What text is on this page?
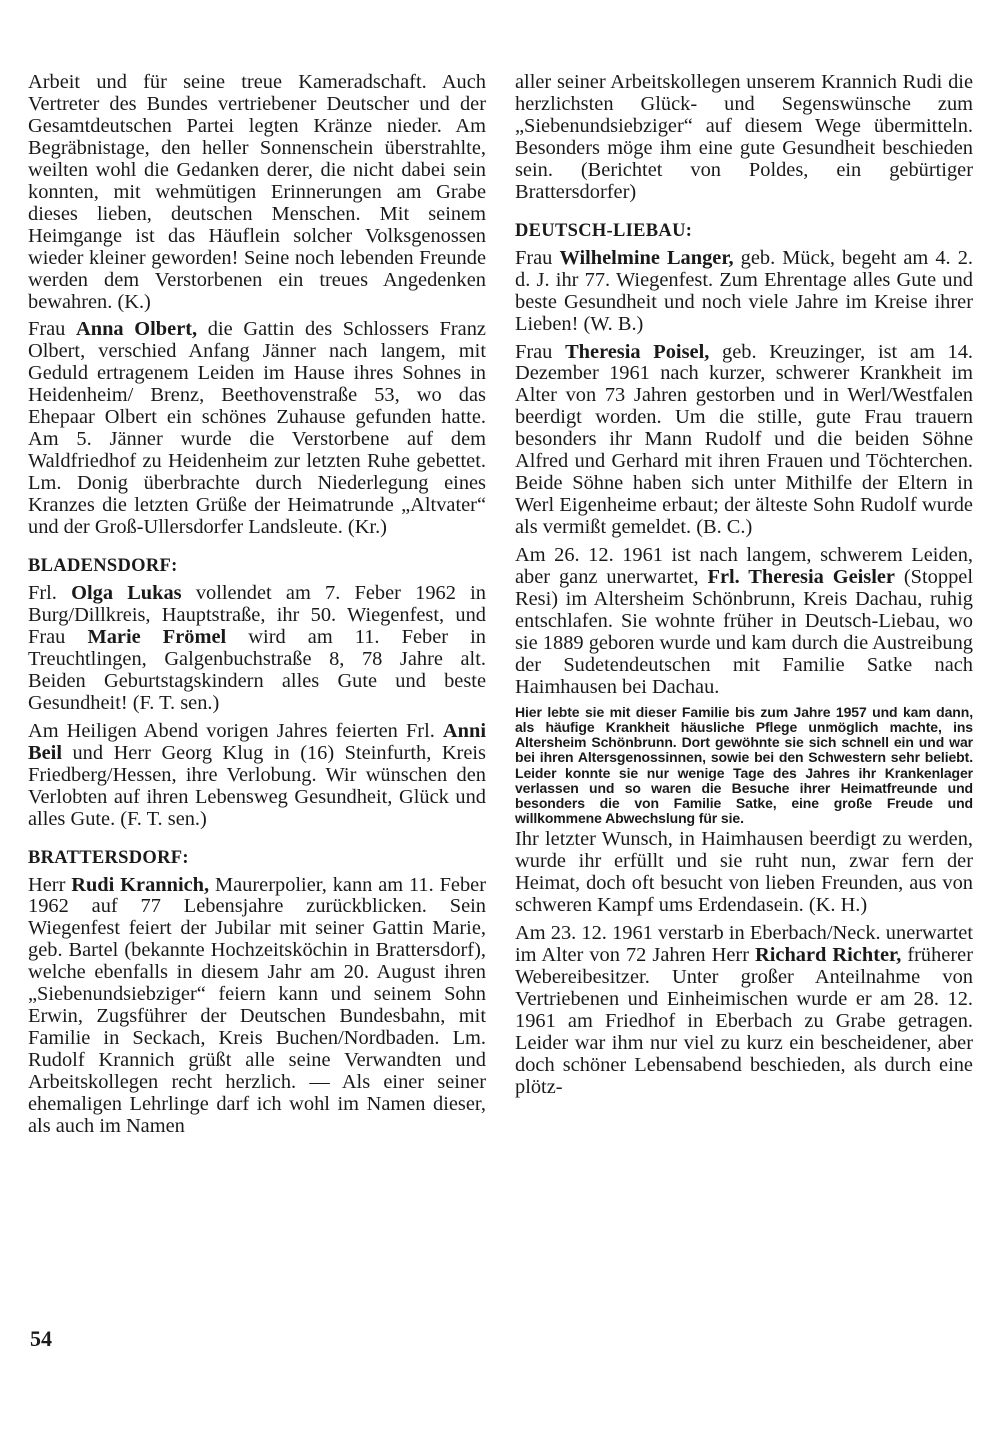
Arbeit und für seine treue Kameradschaft. Auch Vertreter des Bundes vertriebener Deutscher und der Gesamtdeutschen Partei legten Kränze nieder. Am Begräbnistage, den heller Sonnenschein überstrahlte, weilten wohl die Gedanken derer, die nicht dabei sein konnten, mit wehmütigen Erinnerungen am Grabe dieses lieben, deutschen Menschen. Mit seinem Heimgange ist das Häuflein solcher Volksgenossen wieder kleiner geworden! Seine noch lebenden Freunde werden dem Verstorbenen ein treues Angedenken bewahren. (K.)

Frau Anna Olbert, die Gattin des Schlossers Franz Olbert, verschied Anfang Jänner nach langem, mit Geduld ertragenem Leiden im Hause ihres Sohnes in Heidenheim/ Brenz, Beethovenstraße 53, wo das Ehepaar Olbert ein schönes Zuhause gefunden hatte. Am 5. Jänner wurde die Verstorbene auf dem Waldfriedhof zu Heidenheim zur letzten Ruhe gebettet. Lm. Donig überbrachte durch Niederlegung eines Kranzes die letzten Grüße der Heimatrunde „Altvater“ und der Groß-Ullersdorfer Landsleute. (Kr.)

BLADENSDORF:

Frl. Olga Lukas vollendet am 7. Feber 1962 in Burg/Dillkreis, Hauptstraße, ihr 50. Wiegenfest, und Frau Marie Frömel wird am 11. Feber in Treuchtlingen, Galgenbuchstraße 8, 78 Jahre alt. Beiden Geburtstagskindern alles Gute und beste Gesundheit! (F. T. sen.)

Am Heiligen Abend vorigen Jahres feierten Frl. Anni Beil und Herr Georg Klug in (16) Steinfurth, Kreis Friedberg/Hessen, ihre Verlobung. Wir wünschen den Verlobten auf ihren Lebensweg Gesundheit, Glück und alles Gute. (F. T. sen.)

BRATTERSDORF:

Herr Rudi Krannich, Maurerpolier, kann am 11. Feber 1962 auf 77 Lebensjahre zurückblicken. Sein Wiegenfest feiert der Jubilar mit seiner Gattin Marie, geb. Bartel (bekannte Hochzeitsköchin in Brattersdorf), welche ebenfalls in diesem Jahr am 20. August ihren „Siebenundsiebziger“ feiern kann und seinem Sohn Erwin, Zugsführer der Deutschen Bundesbahn, mit Familie in Seckach, Kreis Buchen/Nordbaden. Lm. Rudolf Krannich grüßt alle seine Verwandten und Arbeitskollegen recht herzlich. — Als einer seiner ehemaligen Lehrlinge darf ich wohl im Namen dieser, als auch im Namen

aller seiner Arbeitskollegen unserem Krannich Rudi die herzlichsten Glück- und Segenswünsche zum „Siebenundsiebziger“ auf diesem Wege übermitteln. Besonders möge ihm eine gute Gesundheit beschieden sein. (Berichtet von Poldes, ein gebürtiger Brattersdorfer)

DEUTSCH-LIEBAU:

Frau Wilhelmine Langer, geb. Mück, begeht am 4. 2. d. J. ihr 77. Wiegenfest. Zum Ehrentage alles Gute und beste Gesundheit und noch viele Jahre im Kreise ihrer Lieben! (W. B.)

Frau Theresia Poisel, geb. Kreuzinger, ist am 14. Dezember 1961 nach kurzer, schwerer Krankheit im Alter von 73 Jahren gestorben und in Werl/Westfalen beerdigt worden. Um die stille, gute Frau trauern besonders ihr Mann Rudolf und die beiden Söhne Alfred und Gerhard mit ihren Frauen und Töchterchen. Beide Söhne haben sich unter Mithilfe der Eltern in Werl Eigenheime erbaut; der älteste Sohn Rudolf wurde als vermißt gemeldet. (B. C.)

Am 26. 12. 1961 ist nach langem, schwerem Leiden, aber ganz unerwartet, Frl. Theresia Geisler (Stoppel Resi) im Altersheim Schönbrunn, Kreis Dachau, ruhig entschlafen. Sie wohnte früher in Deutsch-Liebau, wo sie 1889 geboren wurde und kam durch die Austreibung der Sudetendeutschen mit Familie Satke nach Haimhausen bei Dachau.

Hier lebte sie mit dieser Familie bis zum Jahre 1957 und kam dann, als häufige Krankheit häusliche Pflege unmöglich machte, ins Altersheim Schönbrunn. Dort gewöhnte sie sich schnell ein und war bei ihren Altersgenossinnen, sowie bei den Schwestern sehr beliebt. Leider konnte sie nur wenige Tage des Jahres ihr Krankenlager verlassen und so waren die Besuche ihrer Heimatfreunde und besonders die von Familie Satke, eine große Freude und willkommene Abwechslung für sie.

Ihr letzter Wunsch, in Haimhausen beerdigt zu werden, wurde ihr erfüllt und sie ruht nun, zwar fern der Heimat, doch oft besucht von lieben Freunden, aus von schweren Kampf ums Erdendasein. (K. H.)

Am 23. 12. 1961 verstarb in Eberbach/Neck. unerwartet im Alter von 72 Jahren Herr Richard Richter, früherer Webereibesitzer. Unter großer Anteilnahme von Vertriebenen und Einheimischen wurde er am 28. 12. 1961 am Friedhof in Eberbach zu Grabe getragen. Leider war ihm nur viel zu kurz ein bescheidener, aber doch schöner Lebensabend beschieden, als durch eine plötz-

54
